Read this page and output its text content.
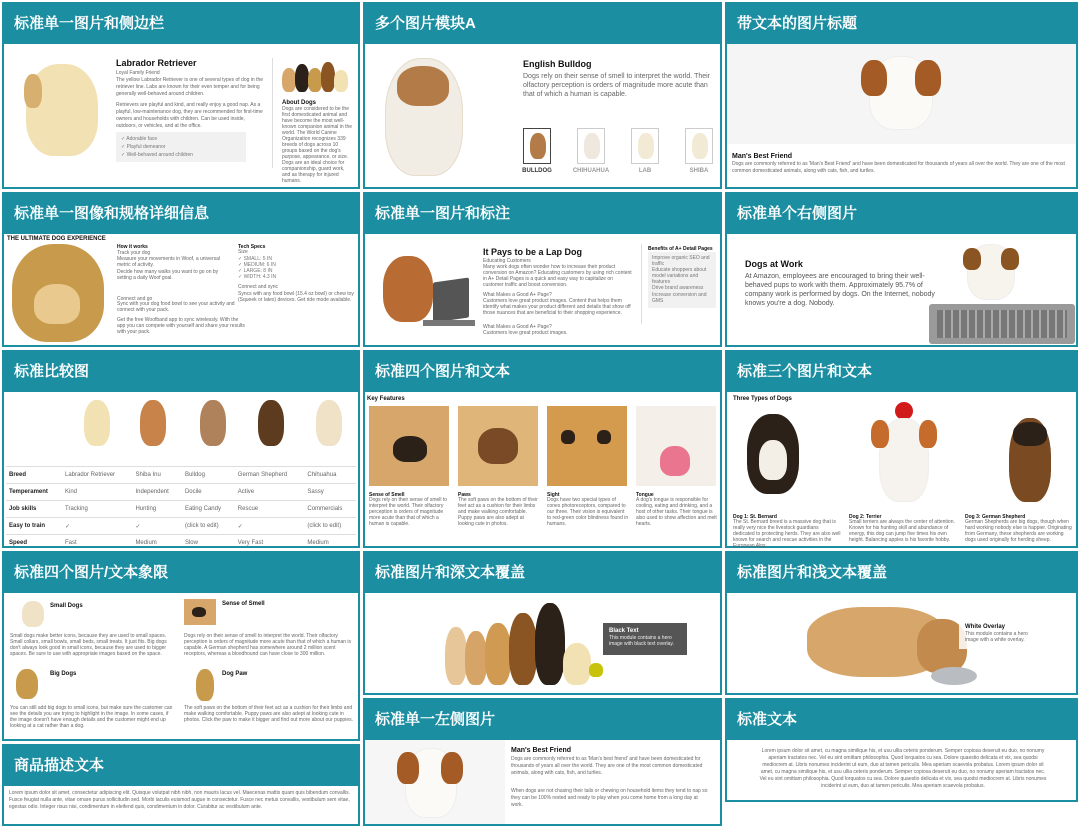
标准单一图片和侧边栏
Labrador Retriever
Loyal Family Friend
The yellow Labrador Retriever is one of several types of dog in the retriever line. Labs are known for their even temper and for being generally well-behaved around children.
Retrievers are playful and kind, and really enjoy a good nap. As a playful, low-maintenance dog, they are recommended for first-time owners and households with children. Can be used inside, outdoors, or vehicles, and at the office.
✓ Adorable face
✓ Playful demeanor
✓ Well-behaved around children
About Dogs
Dogs are considered to be the first domesticated animal and have become the most well-known companion animal in the world. The World Canine Organization recognizes 339 breeds of dogs across 10 groups based on the dog's purpose, appearance, or size. Dogs are an ideal choice for companionship, guard work, and as therapy for injured humans.
多个图片模块A
English Bulldog
Dogs rely on their sense of smell to interpret the world. Their olfactory perception is orders of magnitude more acute than that of which a human is capable.
BULLDOG	CHIHUAHUA	LAB	SHIBA
带文本的图片标题
Man's Best Friend
Dogs are commonly referred to as 'Man's Best Friend' and have been domesticated for thousands of years all over the world. They are one of the most common domesticated animals, along with cats, fish, and turtles.
标准单一图像和规格详细信息
THE ULTIMATE DOG EXPERIENCE
How it works
Track your dog
Measure your movements in Woof, a universal metric of activity.
Decide how many walks you want to go on by setting a daily Woof goal.
Connect and go
Sync with your dog food bowl to see your activity and connect with your pack.
Get the free Woofband app to sync wirelessly. With the app you can compete with yourself and share your results with your pack.
Tech Specs
Size
✓ SMALL: 5 IN
✓ MEDIUM: 6 IN
✓ LARGE: 8 IN
✓ WIDTH: 4.3 IN
Connect and sync
Syncs with any food bowl (15.4 oz bowl) or chew toy (Squeek or latex) devices. Get ride mode available.
标准单一图片和标注
It Pays to be a Lap Dog
Educating Customers
Many work dogs often wonder how to increase their product conversion on Amazon? Educating customers by using rich content in A+ Detail Pages is a quick and easy way to capitalize on customer traffic and boost conversion.
What Makes a Good A+ Page?
Customers love great product images. Content that helps them identify what makes your product different and details that show off those nuances that are beneficial to their shopping experience.
What Makes a Good A+ Page?
Customers love great product images.
Benefits of A+ Detail Pages
Improve organic SEO and traffic
Educate shoppers about model variations and features
Drive brand awareness
Increase conversion and GMS
标准单个右侧图片
Dogs at Work
At Amazon, employees are encouraged to bring their well-behaved pups to work with them. Approximately 95.7% of company work is performed by dogs. On the Internet, nobody knows you're a dog. Nobody.
标准比较图
Breed	Labrador Retriever	Shiba Inu	Bulldog	German Shepherd	Chihuahua
Temperament	Kind	Independent	Docile	Active	Sassy
Job skills	Tracking	Hunting	Eating Candy	Rescue	Commercials
Easy to train	✓	✓	(click to edit)	✓	(click to edit)
Speed	Fast	Medium	Slow	Very Fast	Medium
标准四个图片和文本
Key Features
Sense of Smell
Dogs rely on their sense of smell to interpret the world. Their olfactory perception is orders of magnitude more acute than that of which a human is capable.
Paws
The soft paws on the bottom of their feet act as a cushion for their limbs and make walking comfortable. Puppy paws are also adept at looking cute in photos.
Sight
Dogs have two special types of cones photoreceptors, compared to our three. Their vision is equivalent to red-green color blindness found in humans.
Tongue
A dog's tongue is responsible for cooling, eating and drinking, and a host of other tasks. Their tongue is also used to show affection and melt hearts.
标准三个图片和文本
Three Types of Dogs
Dog 1: St. Bernard
The St. Bernard breed is a massive dog that is really very nice the livestock guardians dedicated to protecting herds. They are also well known for search and rescue activities in the European Alps.
Dog 2: Terrier
Small terriers are always the center of attention. Known for his hunting skill and abundance of energy, this dog can jump five times his own height. Balancing apples is his favorite hobby.
Dog 3: German Shepherd
German Shepherds are big dogs, though when hard working nobody else is happier. Originating from Germany, these shepherds are working dogs used originally for herding sheep.
标准四个图片/文本象限
Small Dogs
Small dogs make better icons, because they are used to small spaces. Small collars, small bowls, small beds, small treats. It just fits. Big dogs don't always look good in small icons, because they are used to bigger spaces. Be sure to use with appropriate images based on the space.
Sense of Smell
Dogs rely on their sense of smell to interpret the world. Their olfactory perception is orders of magnitude more acute than that of which a human is capable. A German shepherd has somewhere around 2 million scent receptors, whereas a bloodhound can have close to 300 million.
Big Dogs
You can still add big dogs to small icons, but make sure the customer can see the details you are trying to highlight in the image. In some cases, if the image doesn't have enough details and the customer might end up looking at a cat rather than a dog.
Dog Paw
The soft paws on the bottom of their feet act as a cushion for their limbs and make walking comfortable. Puppy paws are also adept at looking cute in photos. Click the paw to make it bigger and find out more about our puppies.
标准图片和深文本覆盖
Black Text
This module contains a hero image with black text overlay.
标准图片和浅文本覆盖
White Overlay
This module contains a hero image with a white overlay.
商品描述文本
Lorem ipsum dolor sit amet, consectetur adipiscing elit. Quisque volutpat nibh nibh, non mauris lacus vel. Maecenas mattis quam quis bibendum convallis. Fusce feugiat nulla ante, vitae ornare purus sollicitudin sed. Morbi iaculis euismod augue in consectetur. Fusce nec metus convallis, vestibulum sem vitae, egestas odio. Integer risus nisi, condimentum in eleifend quis, condimentum in dolor. Curabitur ac vestibulum ante.
标准单一左侧图片
Man's Best Friend
Dogs are commonly referred to as 'Man's best friend' and have been domesticated for thousands of years all over the world. They are one of the most common domesticated animals, along with cats, fish, and turtles.
When dogs are not chasing their tails or chewing on household items they tend to nap so they can be 100% rested and ready to play when you come home from a long day at work.
标准文本
Lorem ipsum dolor sit amet, cu magna similique his, et usu ullia ceteris ponderum. Semper copiosa deseruit eu duo, no nonumy aperiam tractatos nec. Vel eu sint omittam philosophia. Quod lorquatos cu sea. Dolore quaestio delicata et vix, sea quodsi mediocrem at. Libris nonumes inciderint ut eum, duo at tamen periculis. Mea aperiam scaevola probatus. Lorem ipsum dolor sit amet, cu magna similique his, et usu ullia ceteris ponderum. Semper copiosa deseruit eu duo, no nonumy aperiam tractatos nec. Vel eu sint omittam philosophia. Quod lorquatos cu sea. Dolore quaestio delicata et vix, sea quodsi mediocrem at. Libris nonumes inciderint ut eum, duo at tamen periculis. Mea aperiam scaevola probatus.
